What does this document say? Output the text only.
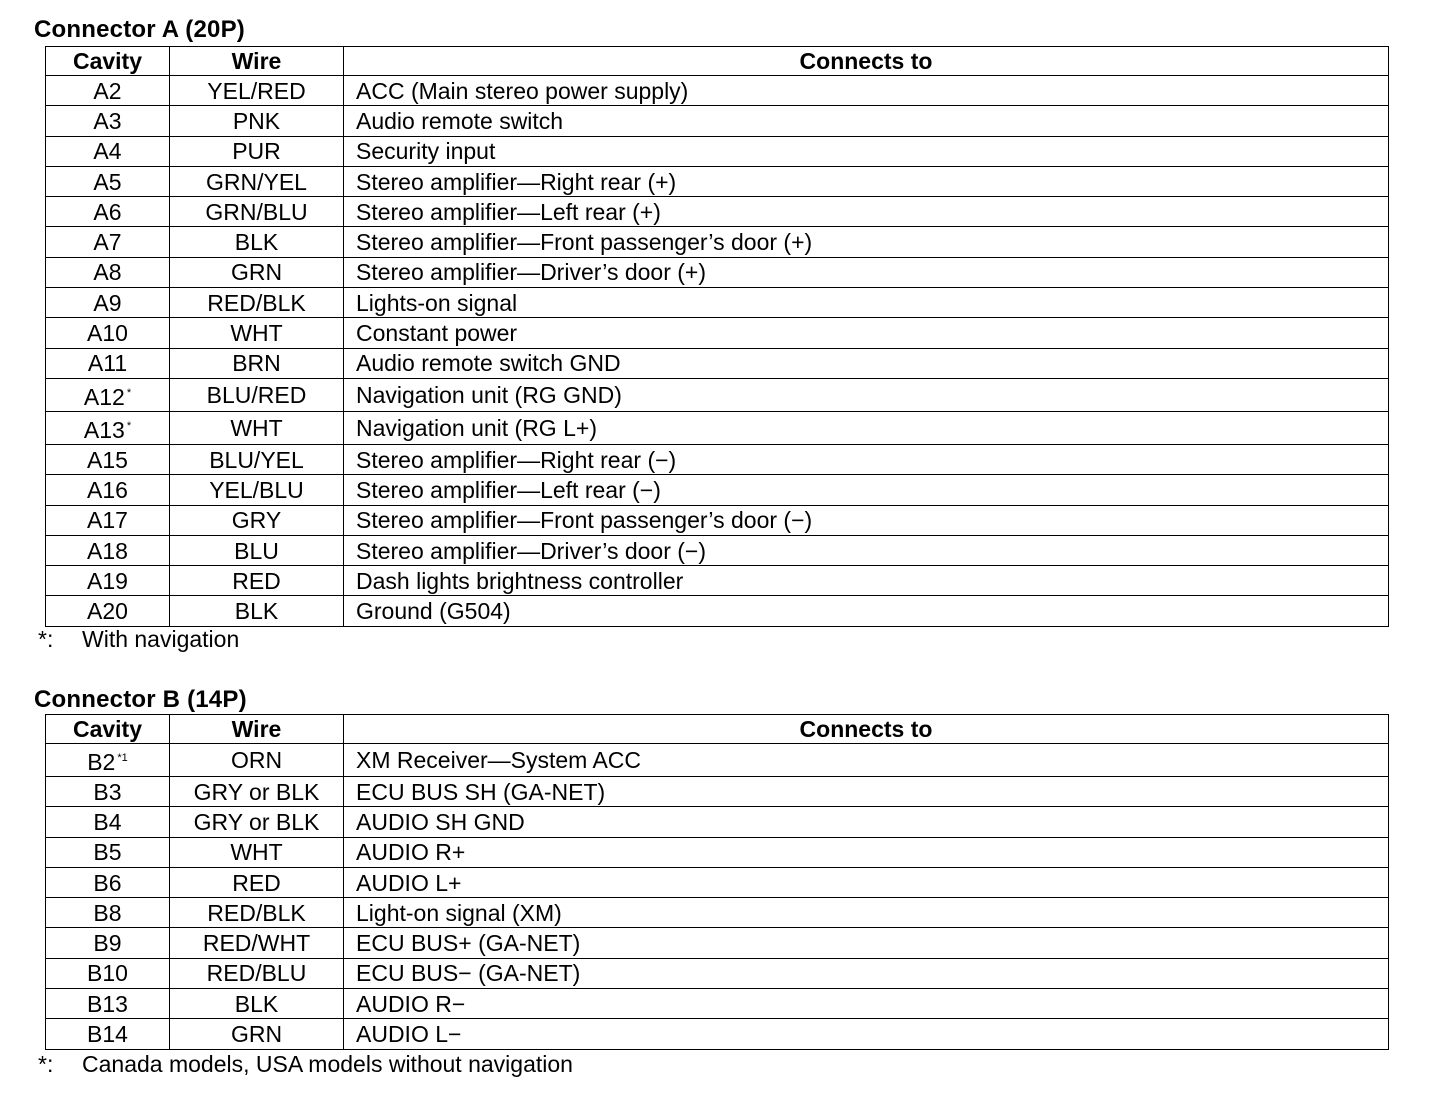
Connector A (20P)
Cavity	Wire	Connects to
A2	YEL/RED	ACC (Main stereo power supply)
A3	PNK	Audio remote switch
A4	PUR	Security input
A5	GRN/YEL	Stereo amplifier—Right rear (+)
A6	GRN/BLU	Stereo amplifier—Left rear (+)
A7	BLK	Stereo amplifier—Front passenger’s door (+)
A8	GRN	Stereo amplifier—Driver’s door (+)
A9	RED/BLK	Lights-on signal
A10	WHT	Constant power
A11	BRN	Audio remote switch GND
A12 *	BLU/RED	Navigation unit (RG GND)
A13 *	WHT	Navigation unit (RG L+)
A15	BLU/YEL	Stereo amplifier—Right rear (−)
A16	YEL/BLU	Stereo amplifier—Left rear (−)
A17	GRY	Stereo amplifier—Front passenger’s door (−)
A18	BLU	Stereo amplifier—Driver’s door (−)
A19	RED	Dash lights brightness controller
A20	BLK	Ground (G504)
*: With navigation
Connector B (14P)
Cavity	Wire	Connects to
B2 $^{*1}$	ORN	XM Receiver—System ACC
B3	GRY or BLK	ECU BUS SH (GA-NET)
B4	GRY or BLK	AUDIO SH GND
B5	WHT	AUDIO R+
B6	RED	AUDIO L+
B8	RED/BLK	Light-on signal (XM)
B9	RED/WHT	ECU BUS+ (GA-NET)
B10	RED/BLU	ECU BUS− (GA-NET)
B13	BLK	AUDIO R−
B14	GRN	AUDIO L−
*: Canada models, USA models without navigation
